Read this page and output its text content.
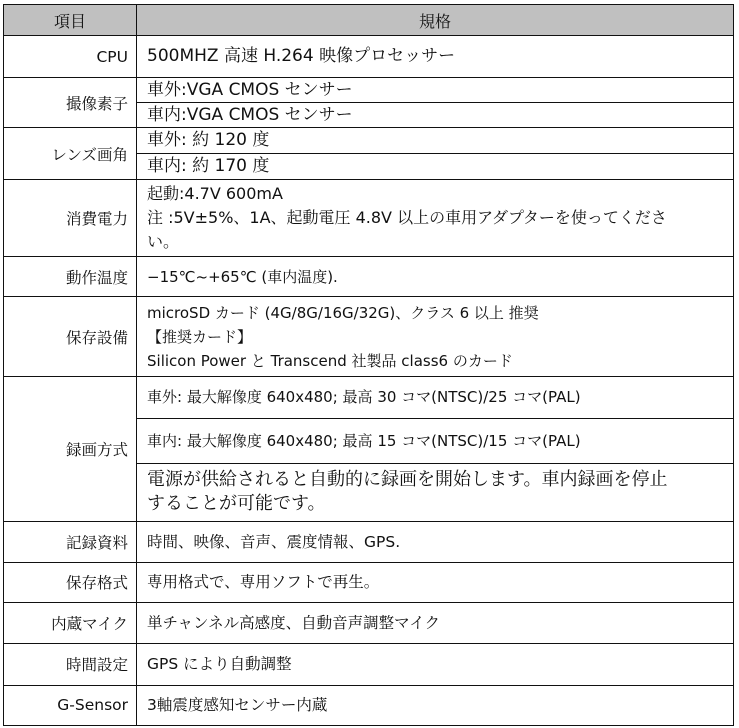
項目	規格
CPU	500MHZ 高速 H.264 映像プロセッサー
撮像素子	車外:VGA CMOS センサー
	車内:VGA CMOS センサー
レンズ画角	車外: 約 120 度
	車内: 約 170 度
消費電力	起動:4.7V 600mA
注 :5V±5%、1A、起動電圧 4.8V 以上の車用アダプターを使ってくださ
い。

動作温度	−15℃~+65℃ (車内温度).
保存設備	microSD カード (4G/8G/16G/32G)、クラス 6 以上 推奨
【推奨カード】
Silicon Power と Transcend 社製品 class6 のカード

録画方式	車外: 最大解像度 640x480; 最高 30 コマ(NTSC)/25 コマ(PAL)
	車内: 最大解像度 640x480; 最高 15 コマ(NTSC)/15 コマ(PAL)

	電源が供給されると自動的に録画を開始します。車内録画を停止
することが可能です。

記録資料	時間、映像、音声、震度情報、GPS.
保存格式	専用格式で、専用ソフトで再生。
内蔵マイク	単チャンネル高感度、自動音声調整マイク
時間設定	GPS により自動調整
G-Sensor	3軸震度感知センサー内蔵
